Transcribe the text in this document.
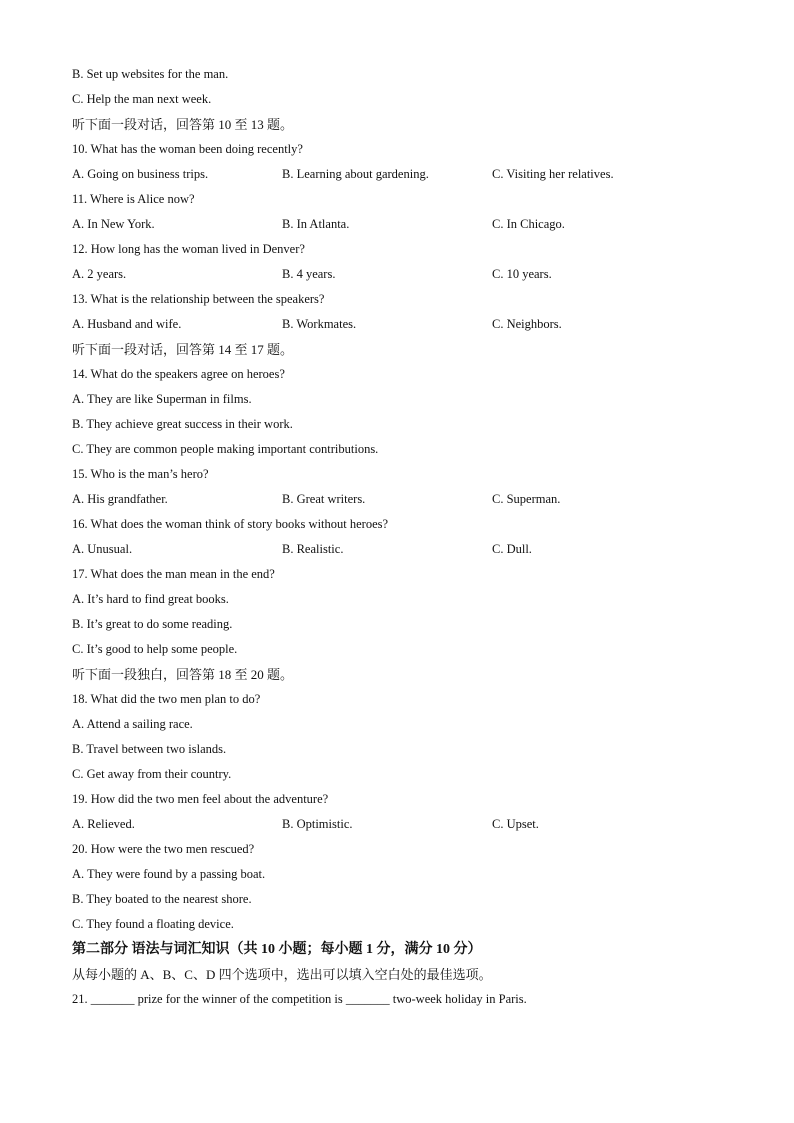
B. Set up websites for the man.
C. Help the man next week.
听下面一段对话，回答第 10 至 13 题。
10. What has the woman been doing recently?
A. Going on business trips.	B. Learning about gardening.	C. Visiting her relatives.
11. Where is Alice now?
A. In New York.	B. In Atlanta.	C. In Chicago.
12. How long has the woman lived in Denver?
A. 2 years.	B. 4 years.	C. 10 years.
13. What is the relationship between the speakers?
A. Husband and wife.	B. Workmates.	C. Neighbors.
听下面一段对话，回答第 14 至 17 题。
14. What do the speakers agree on heroes?
A. They are like Superman in films.
B. They achieve great success in their work.
C. They are common people making important contributions.
15. Who is the man’s hero?
A. His grandfather.	B. Great writers.	C. Superman.
16. What does the woman think of story books without heroes?
A. Unusual.	B. Realistic.	C. Dull.
17. What does the man mean in the end?
A. It’s hard to find great books.
B. It’s great to do some reading.
C. It’s good to help some people.
听下面一段独白，回答第 18 至 20 题。
18. What did the two men plan to do?
A. Attend a sailing race.
B. Travel between two islands.
C. Get away from their country.
19. How did the two men feel about the adventure?
A. Relieved.	B. Optimistic.	C. Upset.
20. How were the two men rescued?
A. They were found by a passing boat.
B. They boated to the nearest shore.
C. They found a floating device.
第二部分 语法与词汇知识（共 10 小题；每小题 1 分，满分 10 分）
从每小题的 A、B、C、D 四个选项中，选出可以填入空白处的最佳选项。
21. _______ prize for the winner of the competition is _______ two-week holiday in Paris.
